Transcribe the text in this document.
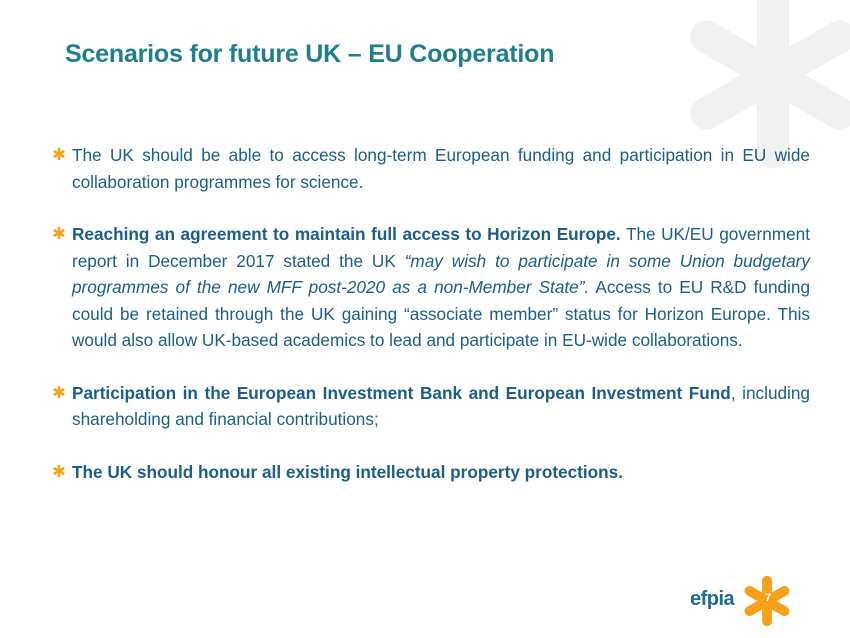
Scenarios for future UK – EU Cooperation
The UK should be able to access long-term European funding and participation in EU wide collaboration programmes for science.
Reaching an agreement to maintain full access to Horizon Europe. The UK/EU government report in December 2017 stated the UK “may wish to participate in some Union budgetary programmes of the new MFF post-2020 as a non-Member State”. Access to EU R&D funding could be retained through the UK gaining “associate member” status for Horizon Europe. This would also allow UK-based academics to lead and participate in EU-wide collaborations.
Participation in the European Investment Bank and European Investment Fund, including shareholding and financial contributions;
The UK should honour all existing intellectual property protections.
efpia	7
